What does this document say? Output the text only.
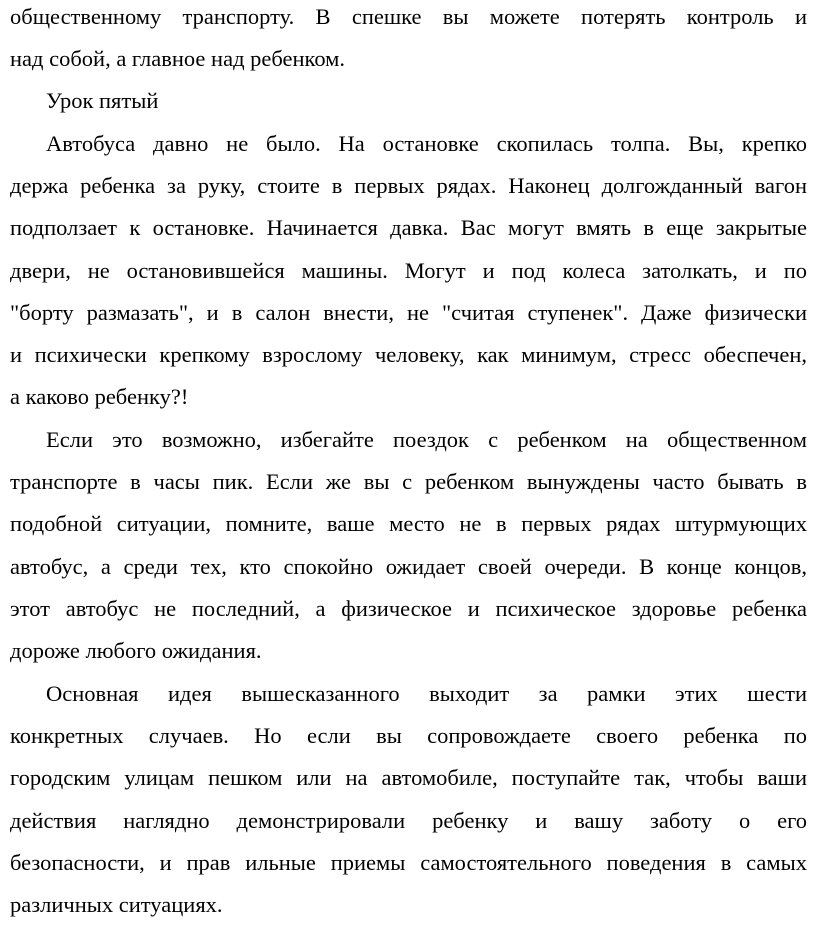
общественному транспорту. В спешке вы можете потерять контроль и
над собой, а главное над ребенком.
Урок пятый
Автобуса давно не было. На остановке скопилась толпа. Вы, крепко
держа ребенка за руку, стоите в первых рядах. Наконец долгожданный вагон
подползает к остановке. Начинается давка. Вас могут вмять в еще закрытые
двери, не остановившейся машины. Могут и под колеса затолкать, и по
"борту размазать", и в салон внести, не "считая ступенек". Даже физически
и психически крепкому взрослому человеку, как минимум, стресс обеспечен,
а каково ребенку?!
Если это возможно, избегайте поездок с ребенком на общественном
транспорте в часы пик. Если же вы с ребенком вынуждены часто бывать в
подобной ситуации, помните, ваше место не в первых рядах штурмующих
автобус, а среди тех, кто спокойно ожидает своей очереди. В конце концов,
этот автобус не последний, а физическое и психическое здоровье ребенка
дороже любого ожидания.
Основная идея вышесказанного выходит за рамки этих шести
конкретных случаев. Но если вы сопровождаете своего ребенка по
городским улицам пешком или на автомобиле, поступайте так, чтобы ваши
действия наглядно демонстрировали ребенку и вашу заботу о его
безопасности, и прав ильные приемы самостоятельного поведения в самых
различных ситуациях.
